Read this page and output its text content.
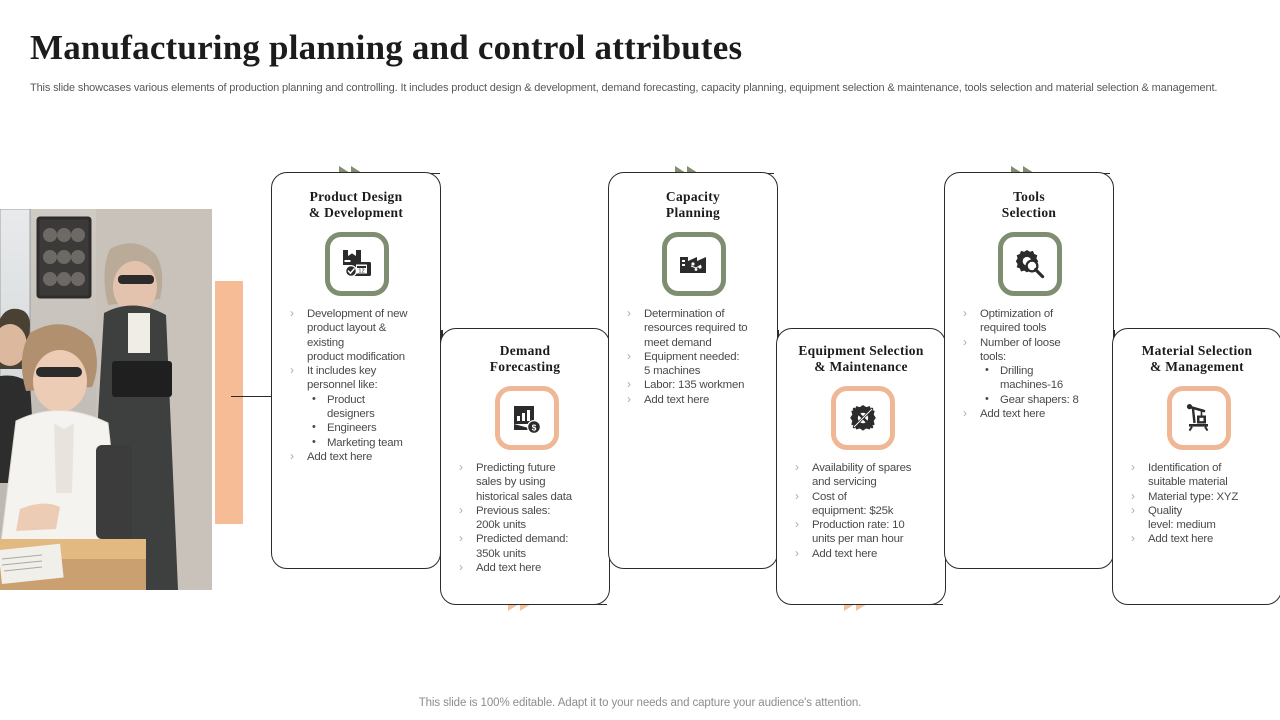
Manufacturing planning and control attributes
This slide showcases various elements of production planning and controlling. It includes product design & development, demand forecasting, capacity planning, equipment selection & maintenance, tools selection and material selection & management.
Product Design
& Development
12
› Development of new
product layout &
existing
product modification
› It includes key
personnel like:
• Product
designers
• Engineers
• Marketing team
› Add text here
Demand
Forecasting
$
› Predicting future
sales by using
historical sales data
› Previous sales:
200k units
› Predicted demand:
350k units
› Add text here
Capacity
Planning
› Determination of
resources required to
meet demand
› Equipment needed:
5 machines
› Labor: 135 workmen
› Add text here
Equipment Selection
& Maintenance
› Availability of spares
and servicing
› Cost of
equipment: $25k
› Production rate: 10
units per man hour
› Add text here
Tools
Selection
› Optimization of
required tools
› Number of loose
tools:
• Drilling
machines-16
• Gear shapers: 8
› Add text here
Material Selection
& Management
› Identification of
suitable material
› Material type: XYZ
› Quality
level: medium
› Add text here
This slide is 100% editable. Adapt it to your needs and capture your audience's attention.
